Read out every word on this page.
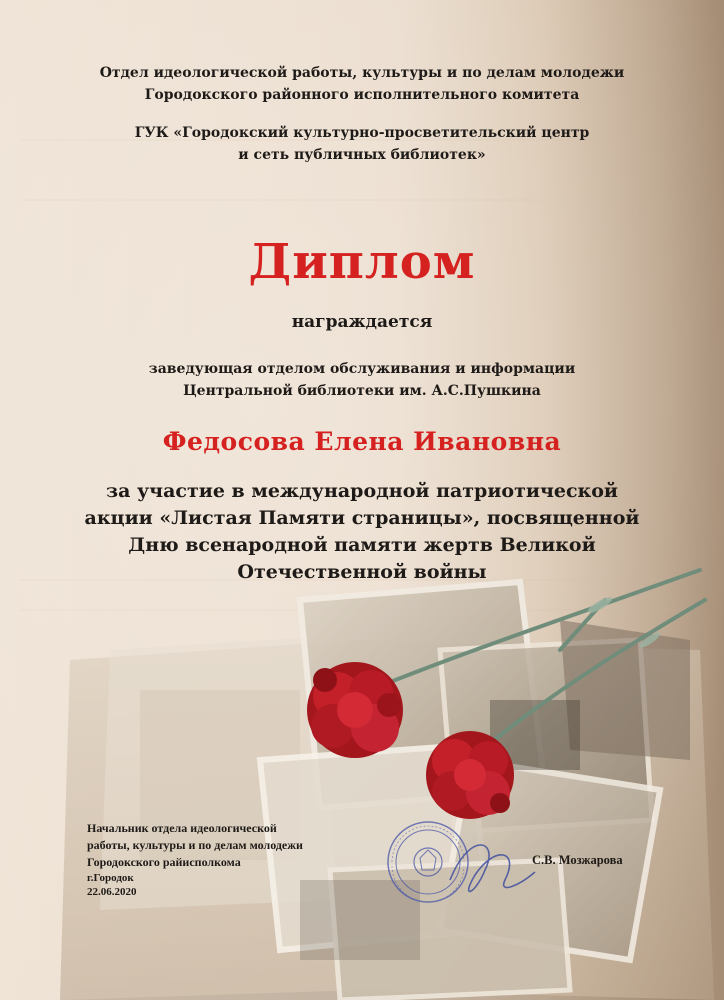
Отдел идеологической работы, культуры и по делам молодежи
Городокского районного исполнительного комитета
ГУК «Городокский культурно-просветительский центр
и сеть публичных библиотек»
Диплом
награждается
заведующая отделом обслуживания и информации
Центральной библиотеки им. А.С.Пушкина
Федосова Елена Ивановна
за участие в международной патриотической
акции «Листая Памяти страницы», посвященной
Дню всенародной памяти жертв Великой
Отечественной войны
Начальник отдела идеологической
работы, культуры и по делам молодежи
Городокского райисполкома
г.Городок
22.06.2020
С.В. Мозжарова
